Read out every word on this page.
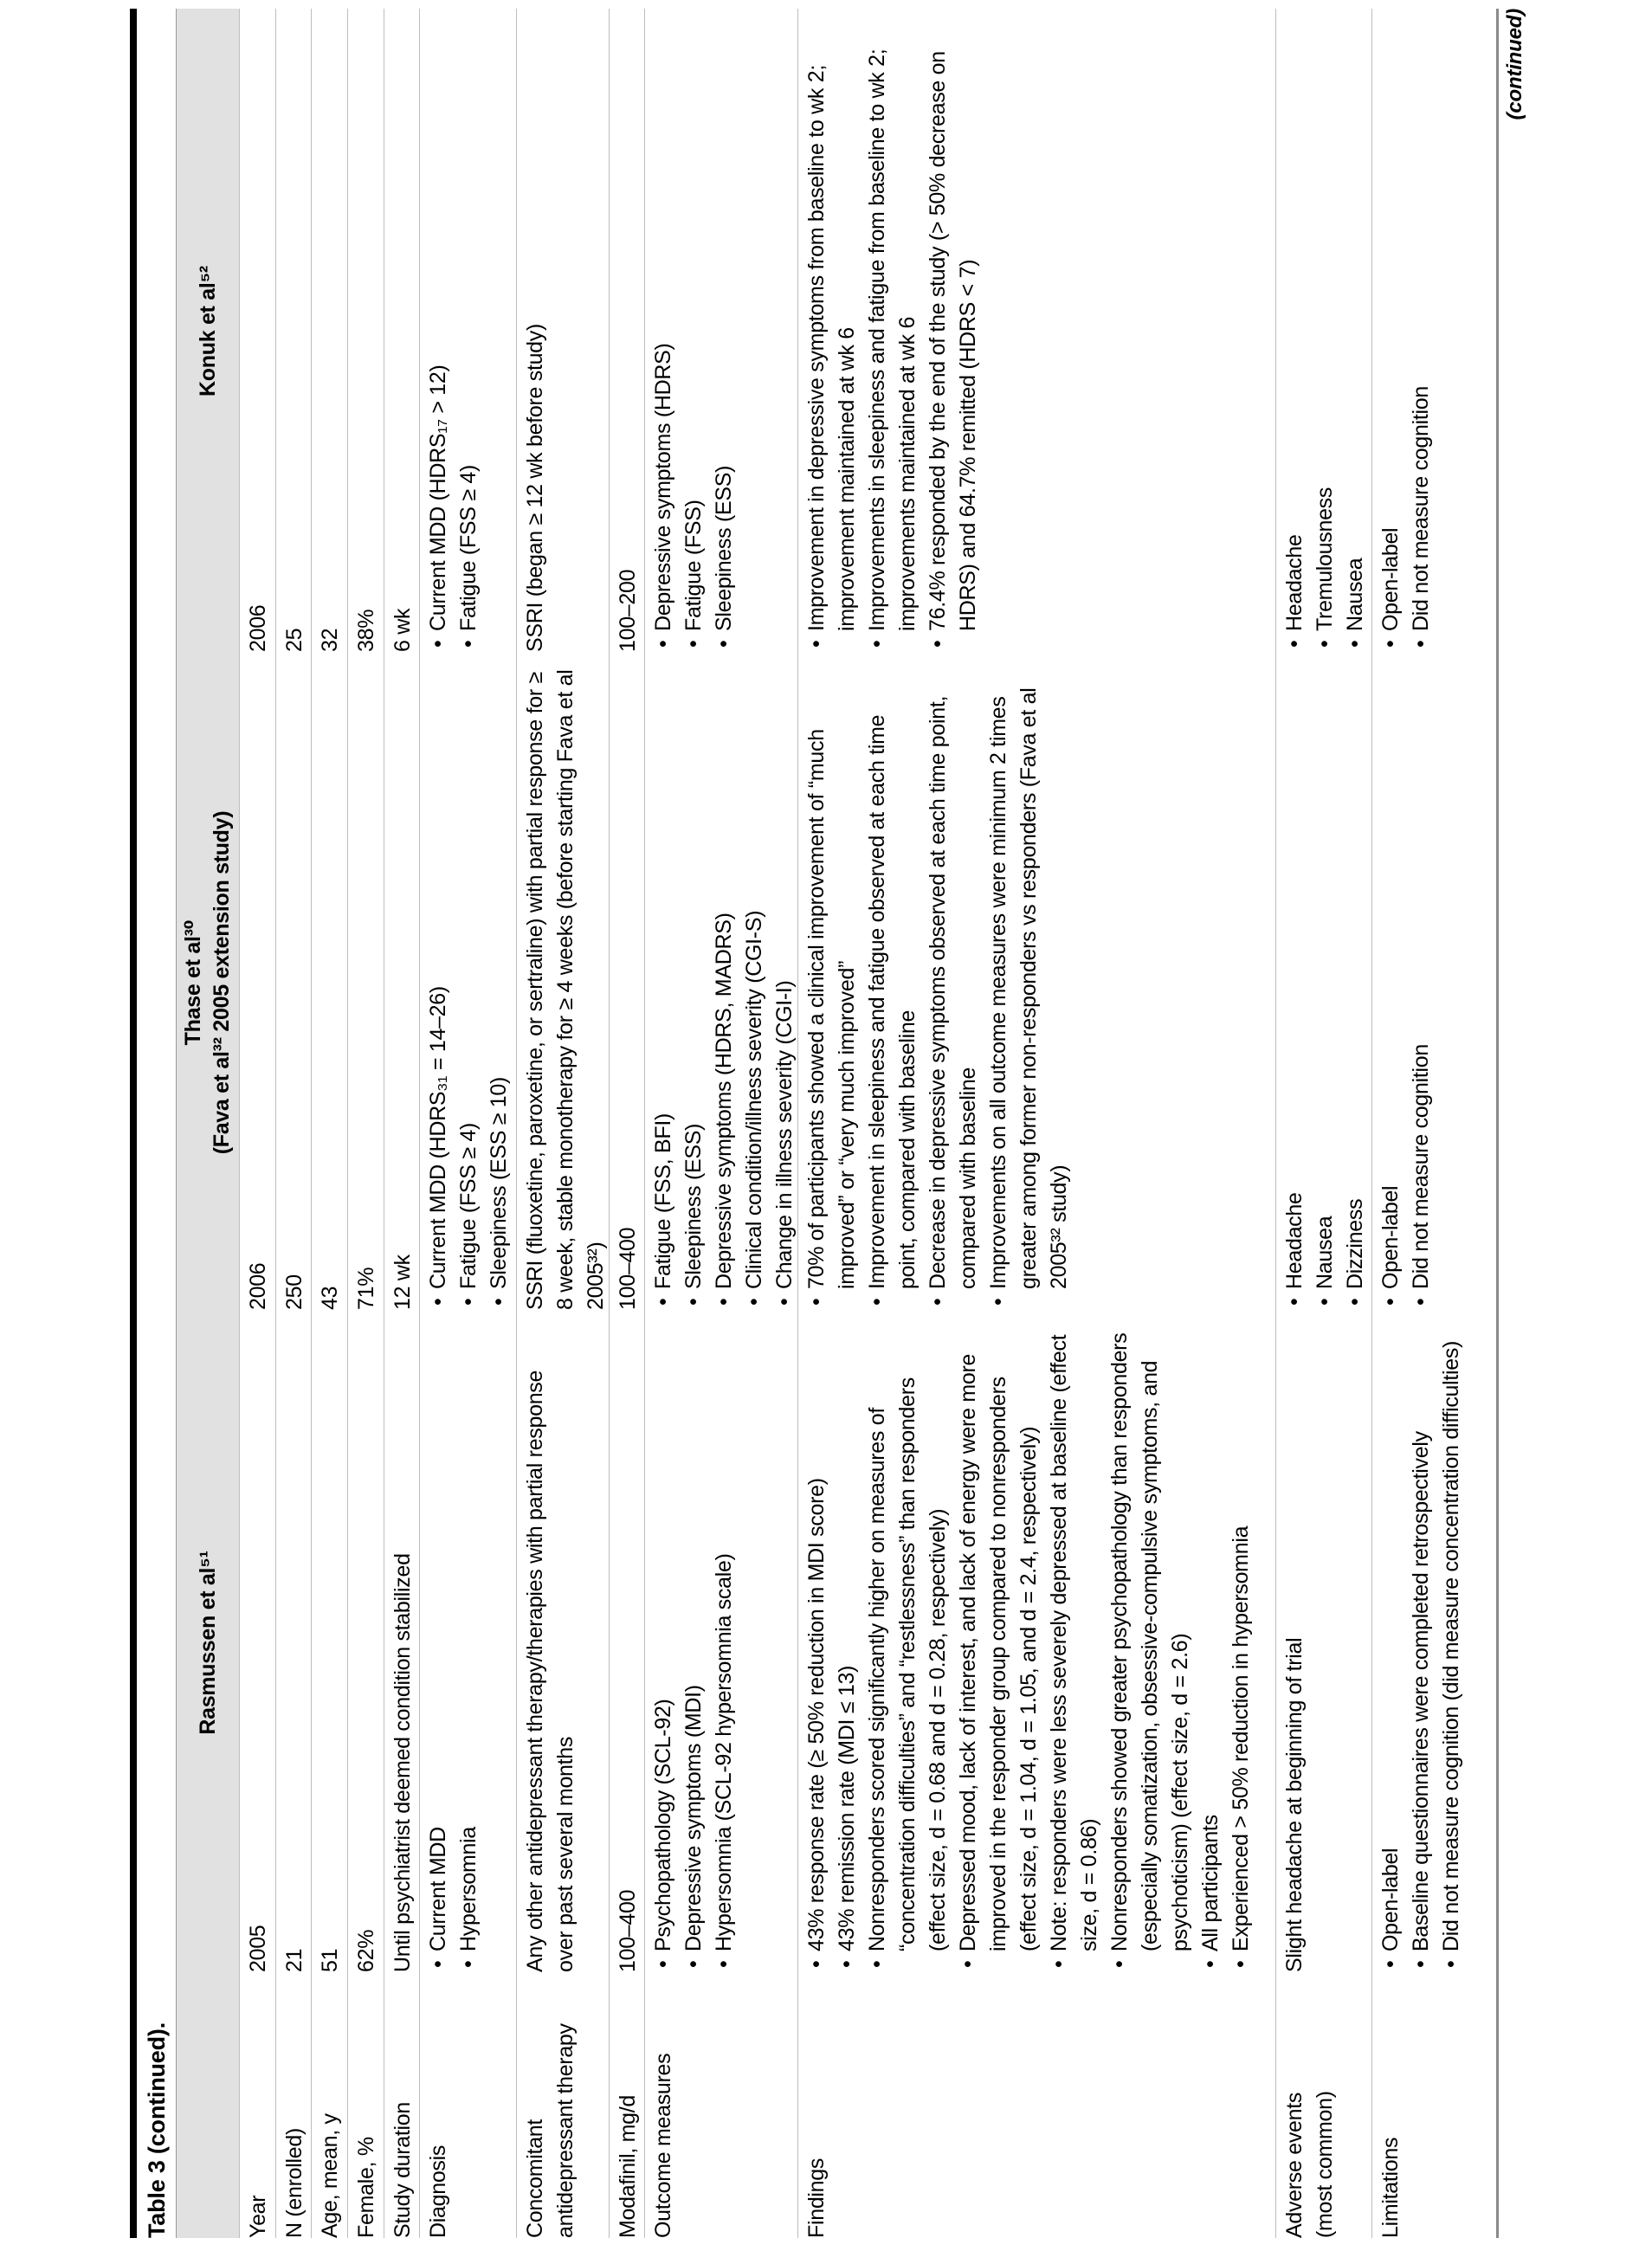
Table 3 (continued).
Rasmussen et al⁵¹
Thase et al³⁰ (Fava et al³² 2005 extension study)
Konuk et al⁵²
Year
2005
2006
2006
N (enrolled)
21
250
25
Age, mean, y
51
43
32
Female, %
62%
71%
38%
Study duration
Until psychiatrist deemed condition stabilized
12 wk
6 wk
Diagnosis
• Current MDD • Hypersomnia
• Current MDD (HDRS₃₁ = 14–26) • Fatigue (FSS ≥ 4) • Sleepiness (ESS ≥ 10)
• Current MDD (HDRS₁₇ > 12) • Fatigue (FSS ≥ 4)
Concomitant antidepressant therapy
Any other antidepressant therapy/therapies with partial response over past several months
SSRI (fluoxetine, paroxetine, or sertraline) with partial response for ≥ 8 week, stable monotherapy for ≥ 4 weeks (before starting Fava et al 2005³²)
SSRI (began ≥ 12 wk before study)
Modafinil, mg/d
100–400
100–400
100–200
Outcome measures
• Psychopathology (SCL-92) • Depressive symptoms (MDI) • Hypersomnia (SCL-92 hypersomnia scale)
• Fatigue (FSS, BFI) • Sleepiness (ESS) • Depressive symptoms (HDRS, MADRS) • Clinical condition/illness severity (CGI-S) • Change in illness severity (CGI-I)
• Depressive symptoms (HDRS) • Fatigue (FSS) • Sleepiness (ESS)
Findings
• 43% response rate (≥ 50% reduction in MDI score) • 43% remission rate (MDI ≤ 13) • Nonresponders scored significantly higher on measures of “concentration difficulties” and “restlessness” than responders (effect size, d = 0.68 and d = 0.28, respectively) • Depressed mood, lack of interest, and lack of energy were more improved in the responder group compared to nonresponders (effect size, d = 1.04, d = 1.05, and d = 2.4, respectively) • Note: responders were less severely depressed at baseline (effect size, d = 0.86) • Nonresponders showed greater psychopathology than responders (especially somatization, obsessive-compulsive symptoms, and psychoticism) (effect size, d = 2.6) • All participants • Experienced > 50% reduction in hypersomnia
• 70% of participants showed a clinical improvement of “much improved” or “very much improved” • Improvement in sleepiness and fatigue observed at each time point, compared with baseline • Decrease in depressive symptoms observed at each time point, compared with baseline • Improvements on all outcome measures were minimum 2 times greater among former non-responders vs responders (Fava et al 2005³² study)
• Improvement in depressive symptoms from baseline to wk 2; improvement maintained at wk 6 • Improvements in sleepiness and fatigue from baseline to wk 2; improvements maintained at wk 6 • 76.4% responded by the end of the study (> 50% decrease on HDRS) and 64.7% remitted (HDRS < 7)
Adverse events (most common)
Slight headache at beginning of trial
• Headache • Nausea • Dizziness
• Headache • Tremulousness • Nausea
Limitations
• Open-label • Baseline questionnaires were completed retrospectively • Did not measure cognition (did measure concentration difficulties)
• Open-label • Did not measure cognition
• Open-label • Did not measure cognition
(continued)
